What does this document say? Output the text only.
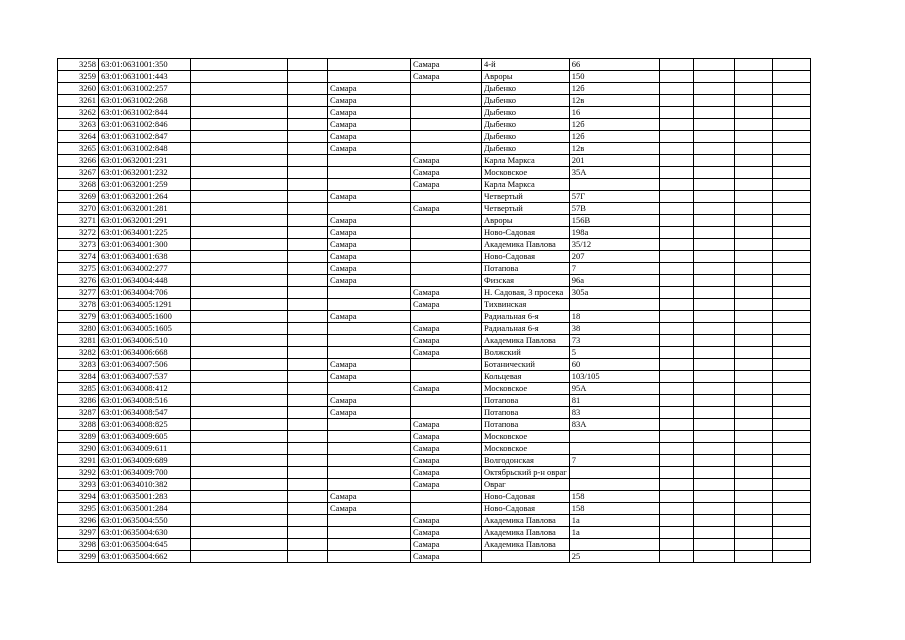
3258	63:01:0631001:350				Самара	4-й	66				
3259	63:01:0631001:443				Самара	Авроры	150				
3260	63:01:0631002:257			Самара		Дыбенко	12б				
3261	63:01:0631002:268			Самара		Дыбенко	12в				
3262	63:01:0631002:844			Самара		Дыбенко	16				
3263	63:01:0631002:846			Самара		Дыбенко	12б				
3264	63:01:0631002:847			Самара		Дыбенко	12б				
3265	63:01:0631002:848			Самара		Дыбенко	12в				
3266	63:01:0632001:231				Самара	Карла Маркса	201				
3267	63:01:0632001:232				Самара	Московское	35А				
3268	63:01:0632001:259				Самара	Карла Маркса					
3269	63:01:0632001:264			Самара		Четвертый	57Г				
3270	63:01:0632001:281				Самара	Четвертый	57В				
3271	63:01:0632001:291			Самара		Авроры	156В				
3272	63:01:0634001:225			Самара		Ново-Садовая	198а				
3273	63:01:0634001:300			Самара		Академика Павлова	35/12				
3274	63:01:0634001:638			Самара		Ново-Садовая	207				
3275	63:01:0634002:277			Самара		Потапова	7				
3276	63:01:0634004:448			Самара		Физская	96а				
3277	63:01:0634004:706				Самара	Н. Садовая, 3 просека	305а				
3278	63:01:0634005:1291				Самара	Тихвинская					
3279	63:01:0634005:1600			Самара		Радиальная 6-я	18				
3280	63:01:0634005:1605				Самара	Радиальная 6-я	38				
3281	63:01:0634006:510				Самара	Академика Павлова	73				
3282	63:01:0634006:668				Самара	Волжский	5				
3283	63:01:0634007:506			Самара		Ботанический	60				
3284	63:01:0634007:537			Самара		Кольцевая	103/105				
3285	63:01:0634008:412				Самара	Московское	95А				
3286	63:01:0634008:516			Самара		Потапова	81				
3287	63:01:0634008:547			Самара		Потапова	83				
3288	63:01:0634008:825				Самара	Потапова	83А				
3289	63:01:0634009:605				Самара	Московское					
3290	63:01:0634009:611				Самара	Московское					
3291	63:01:0634009:689				Самара	Волгодонская	7				
3292	63:01:0634009:700				Самара	Октябрьский р-н овраг					
3293	63:01:0634010:382				Самара	Овраг					
3294	63:01:0635001:283			Самара		Ново-Садовая	158				
3295	63:01:0635001:284			Самара		Ново-Садовая	158				
3296	63:01:0635004:550				Самара	Академика Павлова	1а				
3297	63:01:0635004:630				Самара	Академика Павлова	1а				
3298	63:01:0635004:645				Самара	Академика Павлова					
3299	63:01:0635004:662				Самара		25				
